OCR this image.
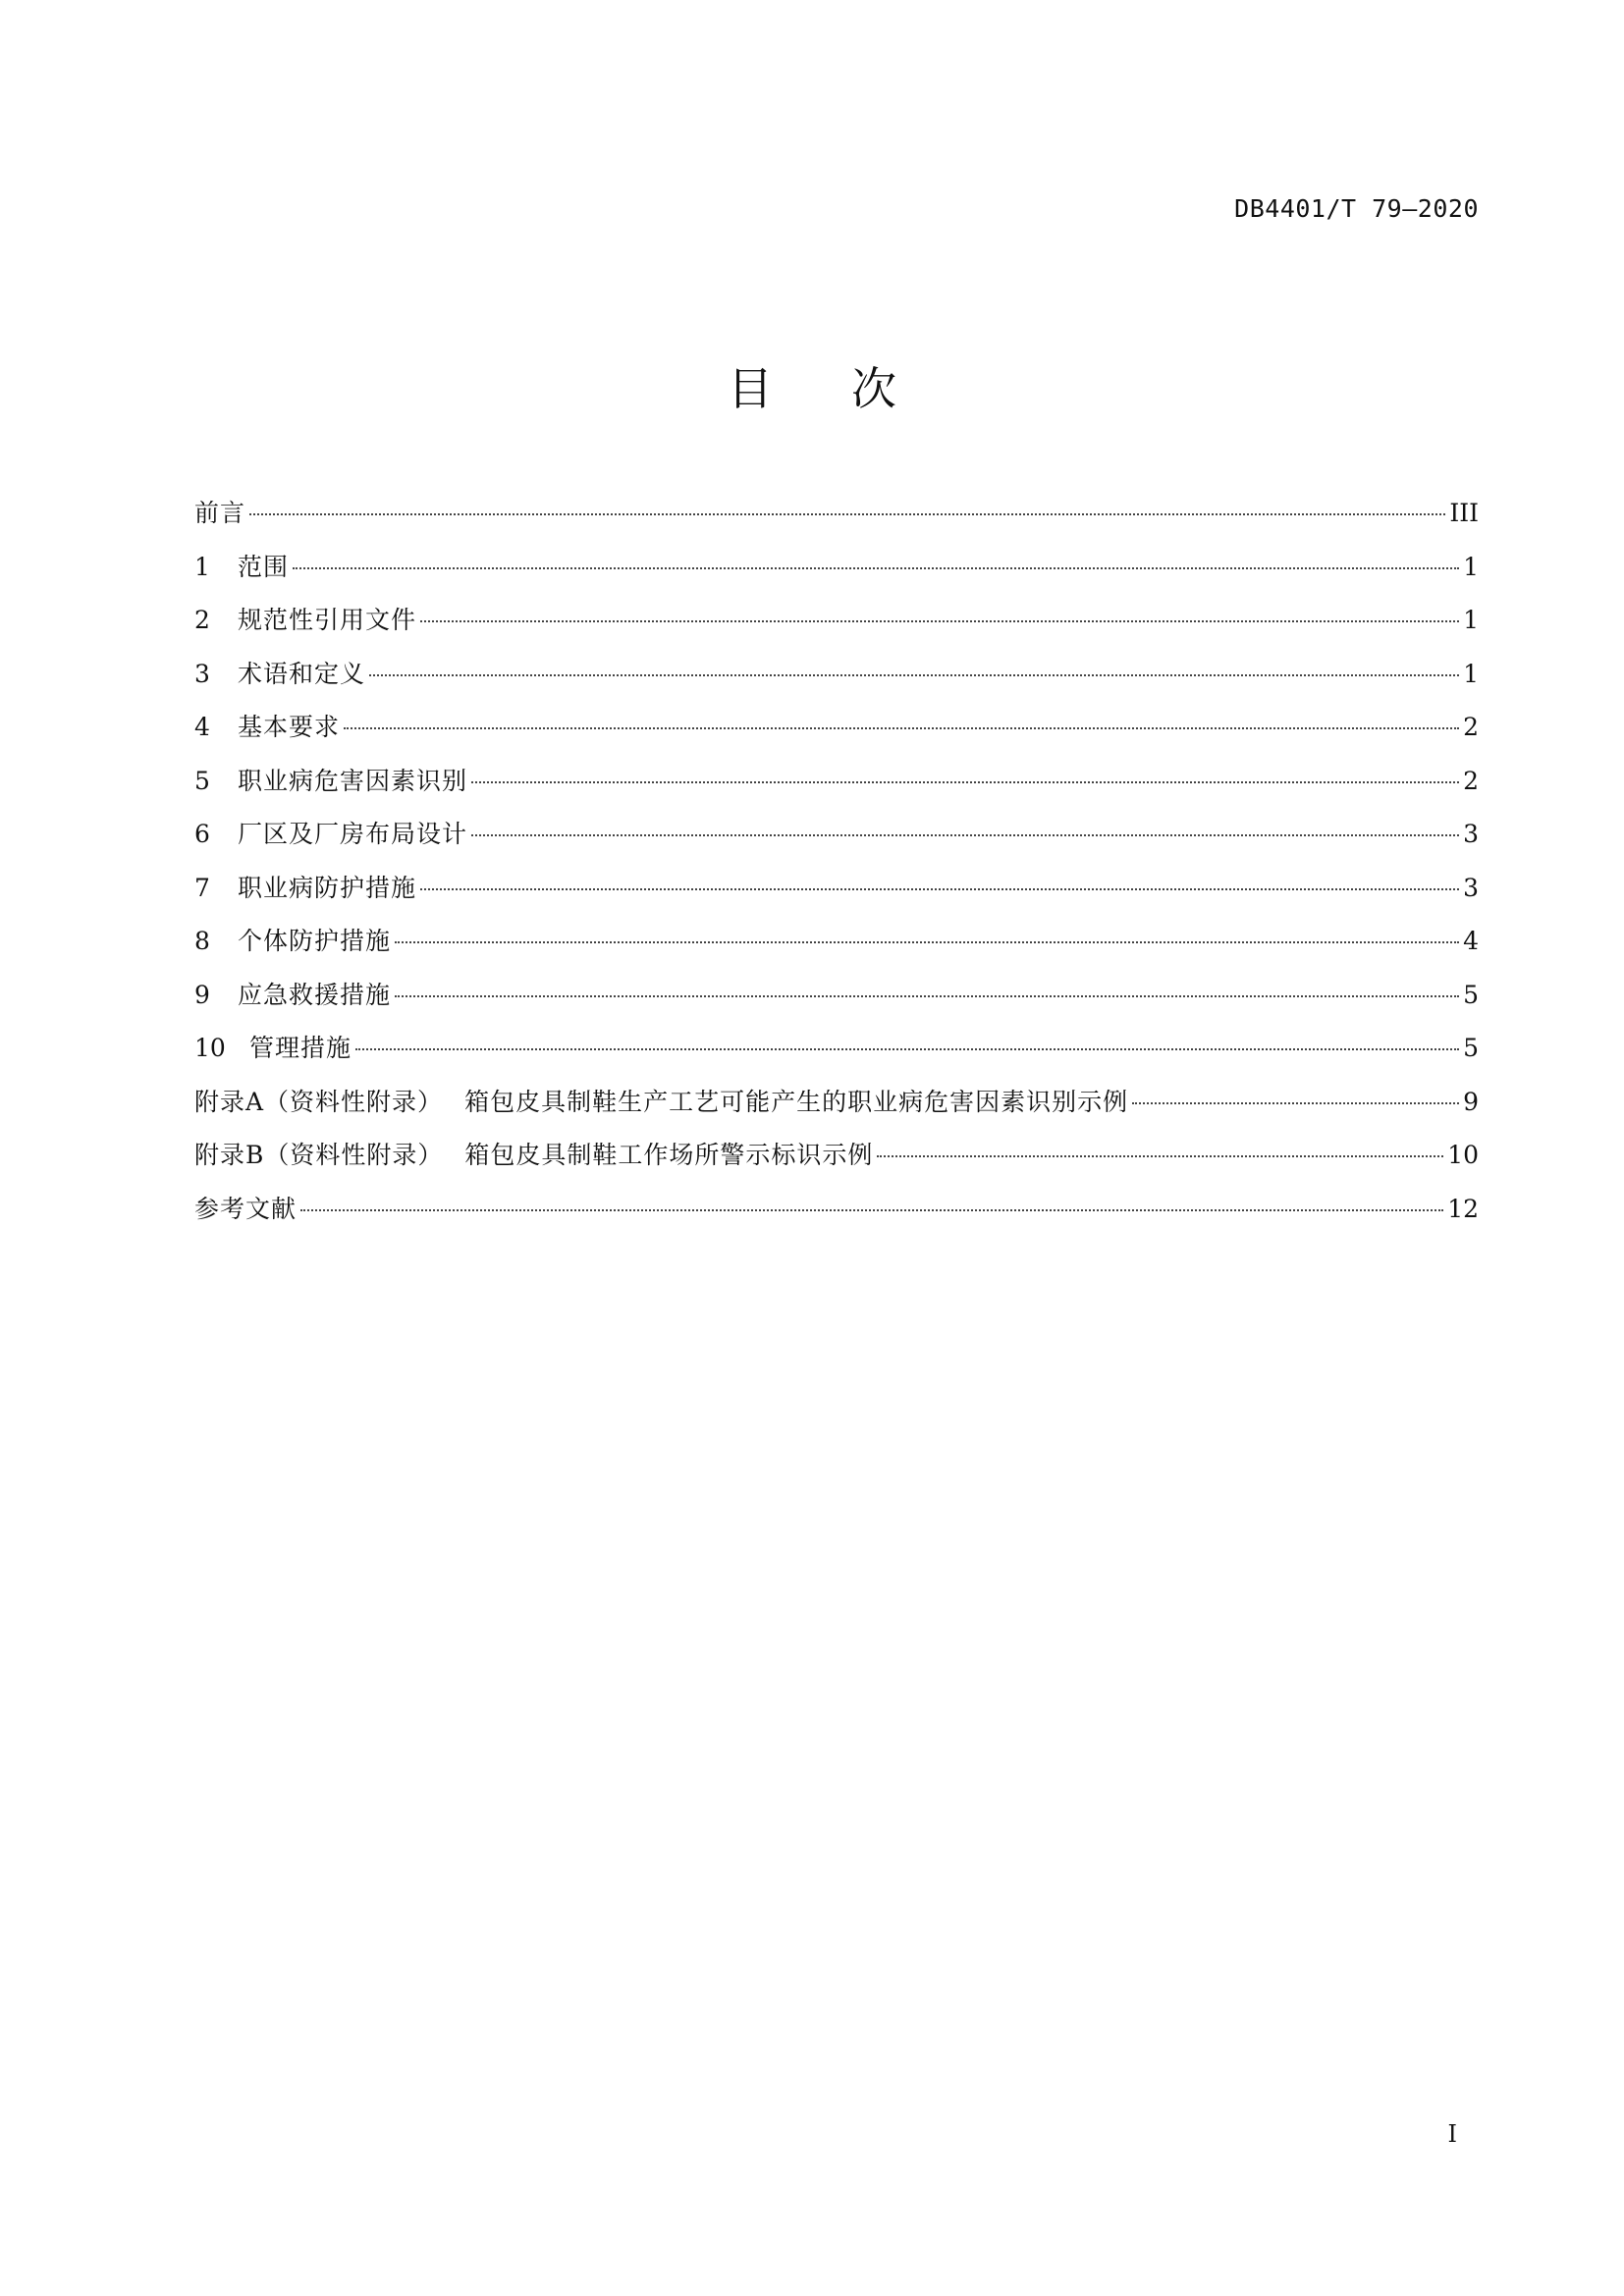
DB4401/T 79—2020
目次
前言	III
1	范围	1
2	规范性引用文件	1
3	术语和定义	1
4	基本要求	2
5	职业病危害因素识别	2
6	厂区及厂房布局设计	3
7	职业病防护措施	3
8	个体防护措施	4
9	应急救援措施	5
10 管理措施	5
附录A（资料性附录） 箱包皮具制鞋生产工艺可能产生的职业病危害因素识别示例	9
附录B（资料性附录） 箱包皮具制鞋工作场所警示标识示例	10
参考文献	12
I
